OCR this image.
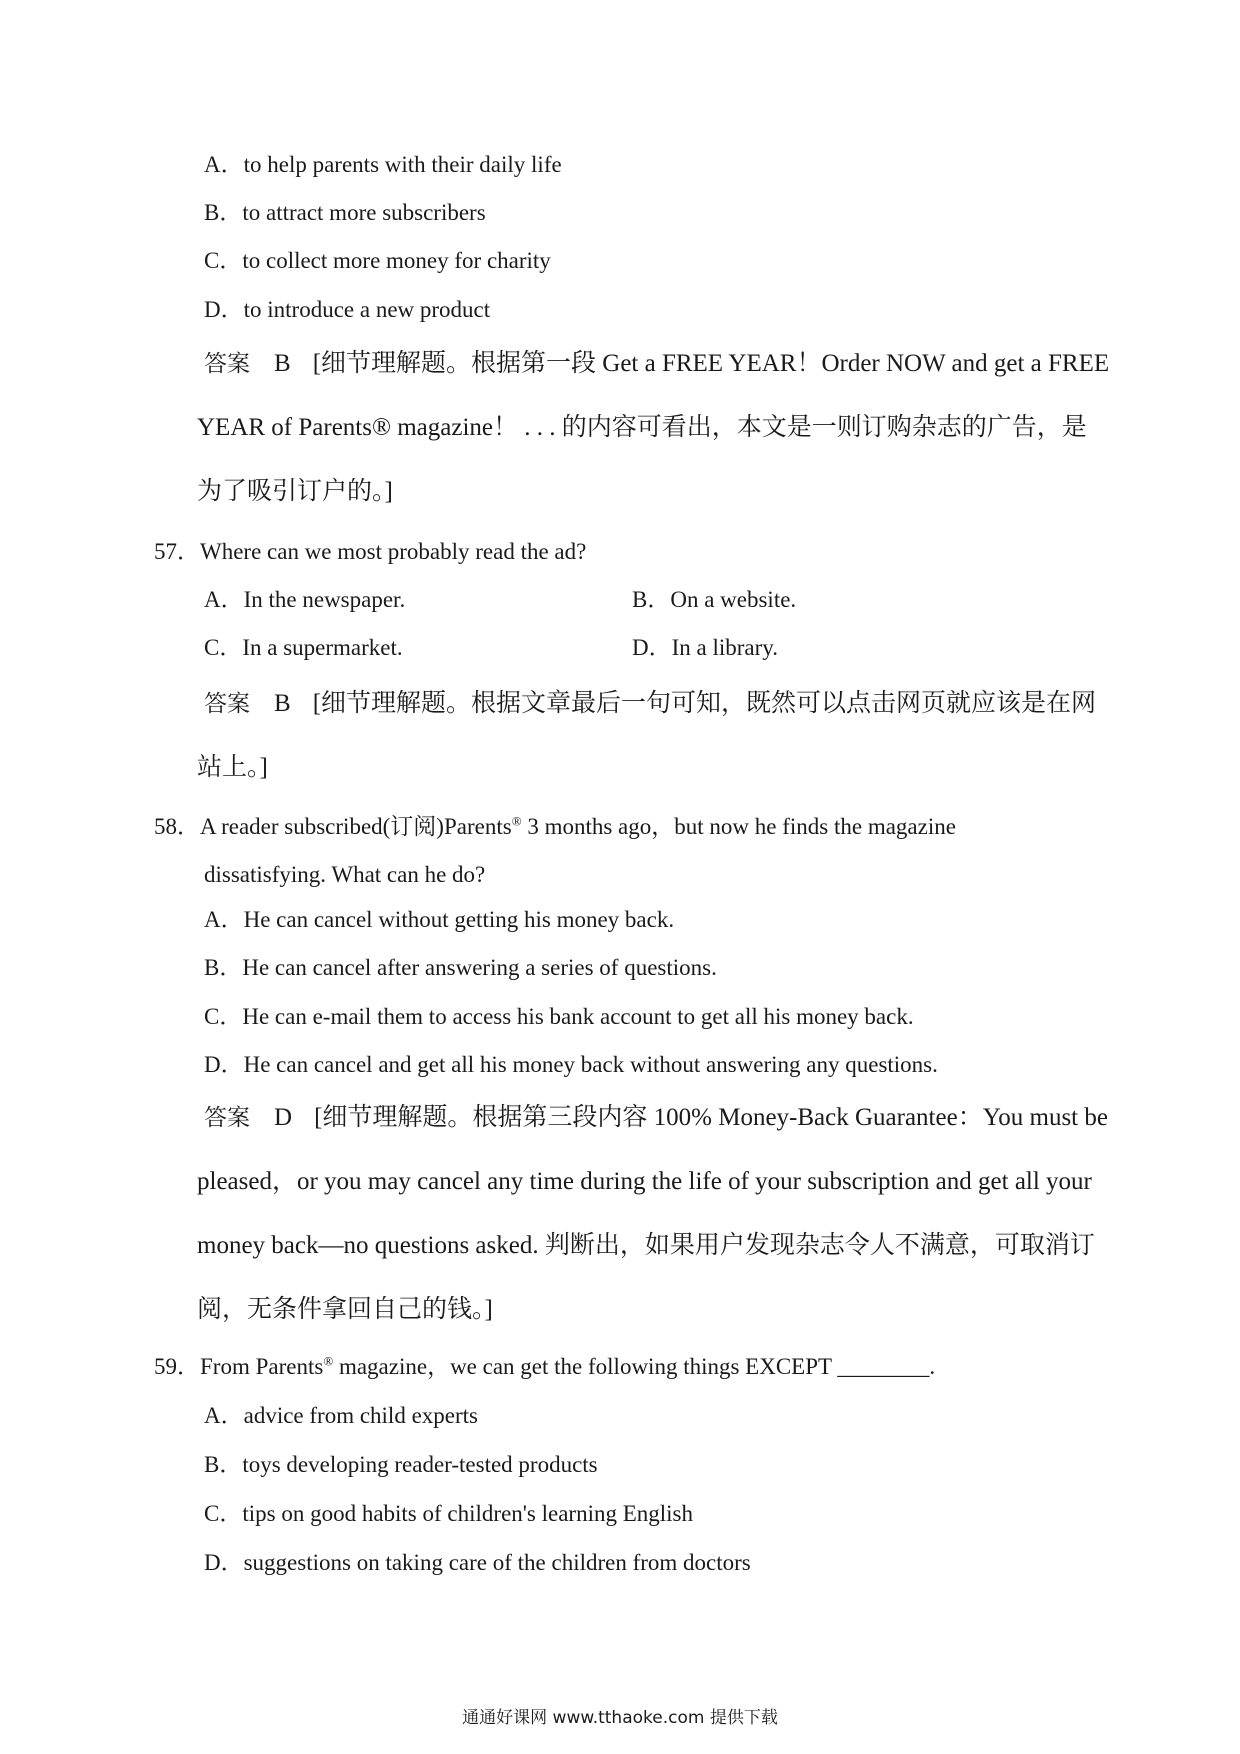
A．to help parents with their daily life
B．to attract more subscribers
C．to collect more money for charity
D．to introduce a new product
答案 B [细节理解题。根据第一段 Get a FREE YEAR！Order NOW and get a FREE
YEAR of Parents® magazine！ . . . 的内容可看出，本文是一则订购杂志的广告，是
为了吸引订户的。]
57．Where can we most probably read the ad?
A．In the newspaper.	B．On a website.
C．In a supermarket.	D．In a library.
答案 B [细节理解题。根据文章最后一句可知，既然可以点击网页就应该是在网
站上。]
58．A reader subscribed(订阅)Parents® 3 months ago，but now he finds the magazine
dissatisfying. What can he do?
A．He can cancel without getting his money back.
B．He can cancel after answering a series of questions.
C．He can e-mail them to access his bank account to get all his money back.
D．He can cancel and get all his money back without answering any questions.
答案 D [细节理解题。根据第三段内容 100% Money-Back Guarantee：You must be
pleased，or you may cancel any time during the life of your subscription and get all your
money back—no questions asked. 判断出，如果用户发现杂志令人不满意，可取消订
阅，无条件拿回自己的钱。]
59．From Parents® magazine，we can get the following things EXCEPT ________.
A．advice from child experts
B．toys developing reader-tested products
C．tips on good habits of children's learning English
D．suggestions on taking care of the children from doctors
通通好课网 www.tthaoke.com 提供下载
